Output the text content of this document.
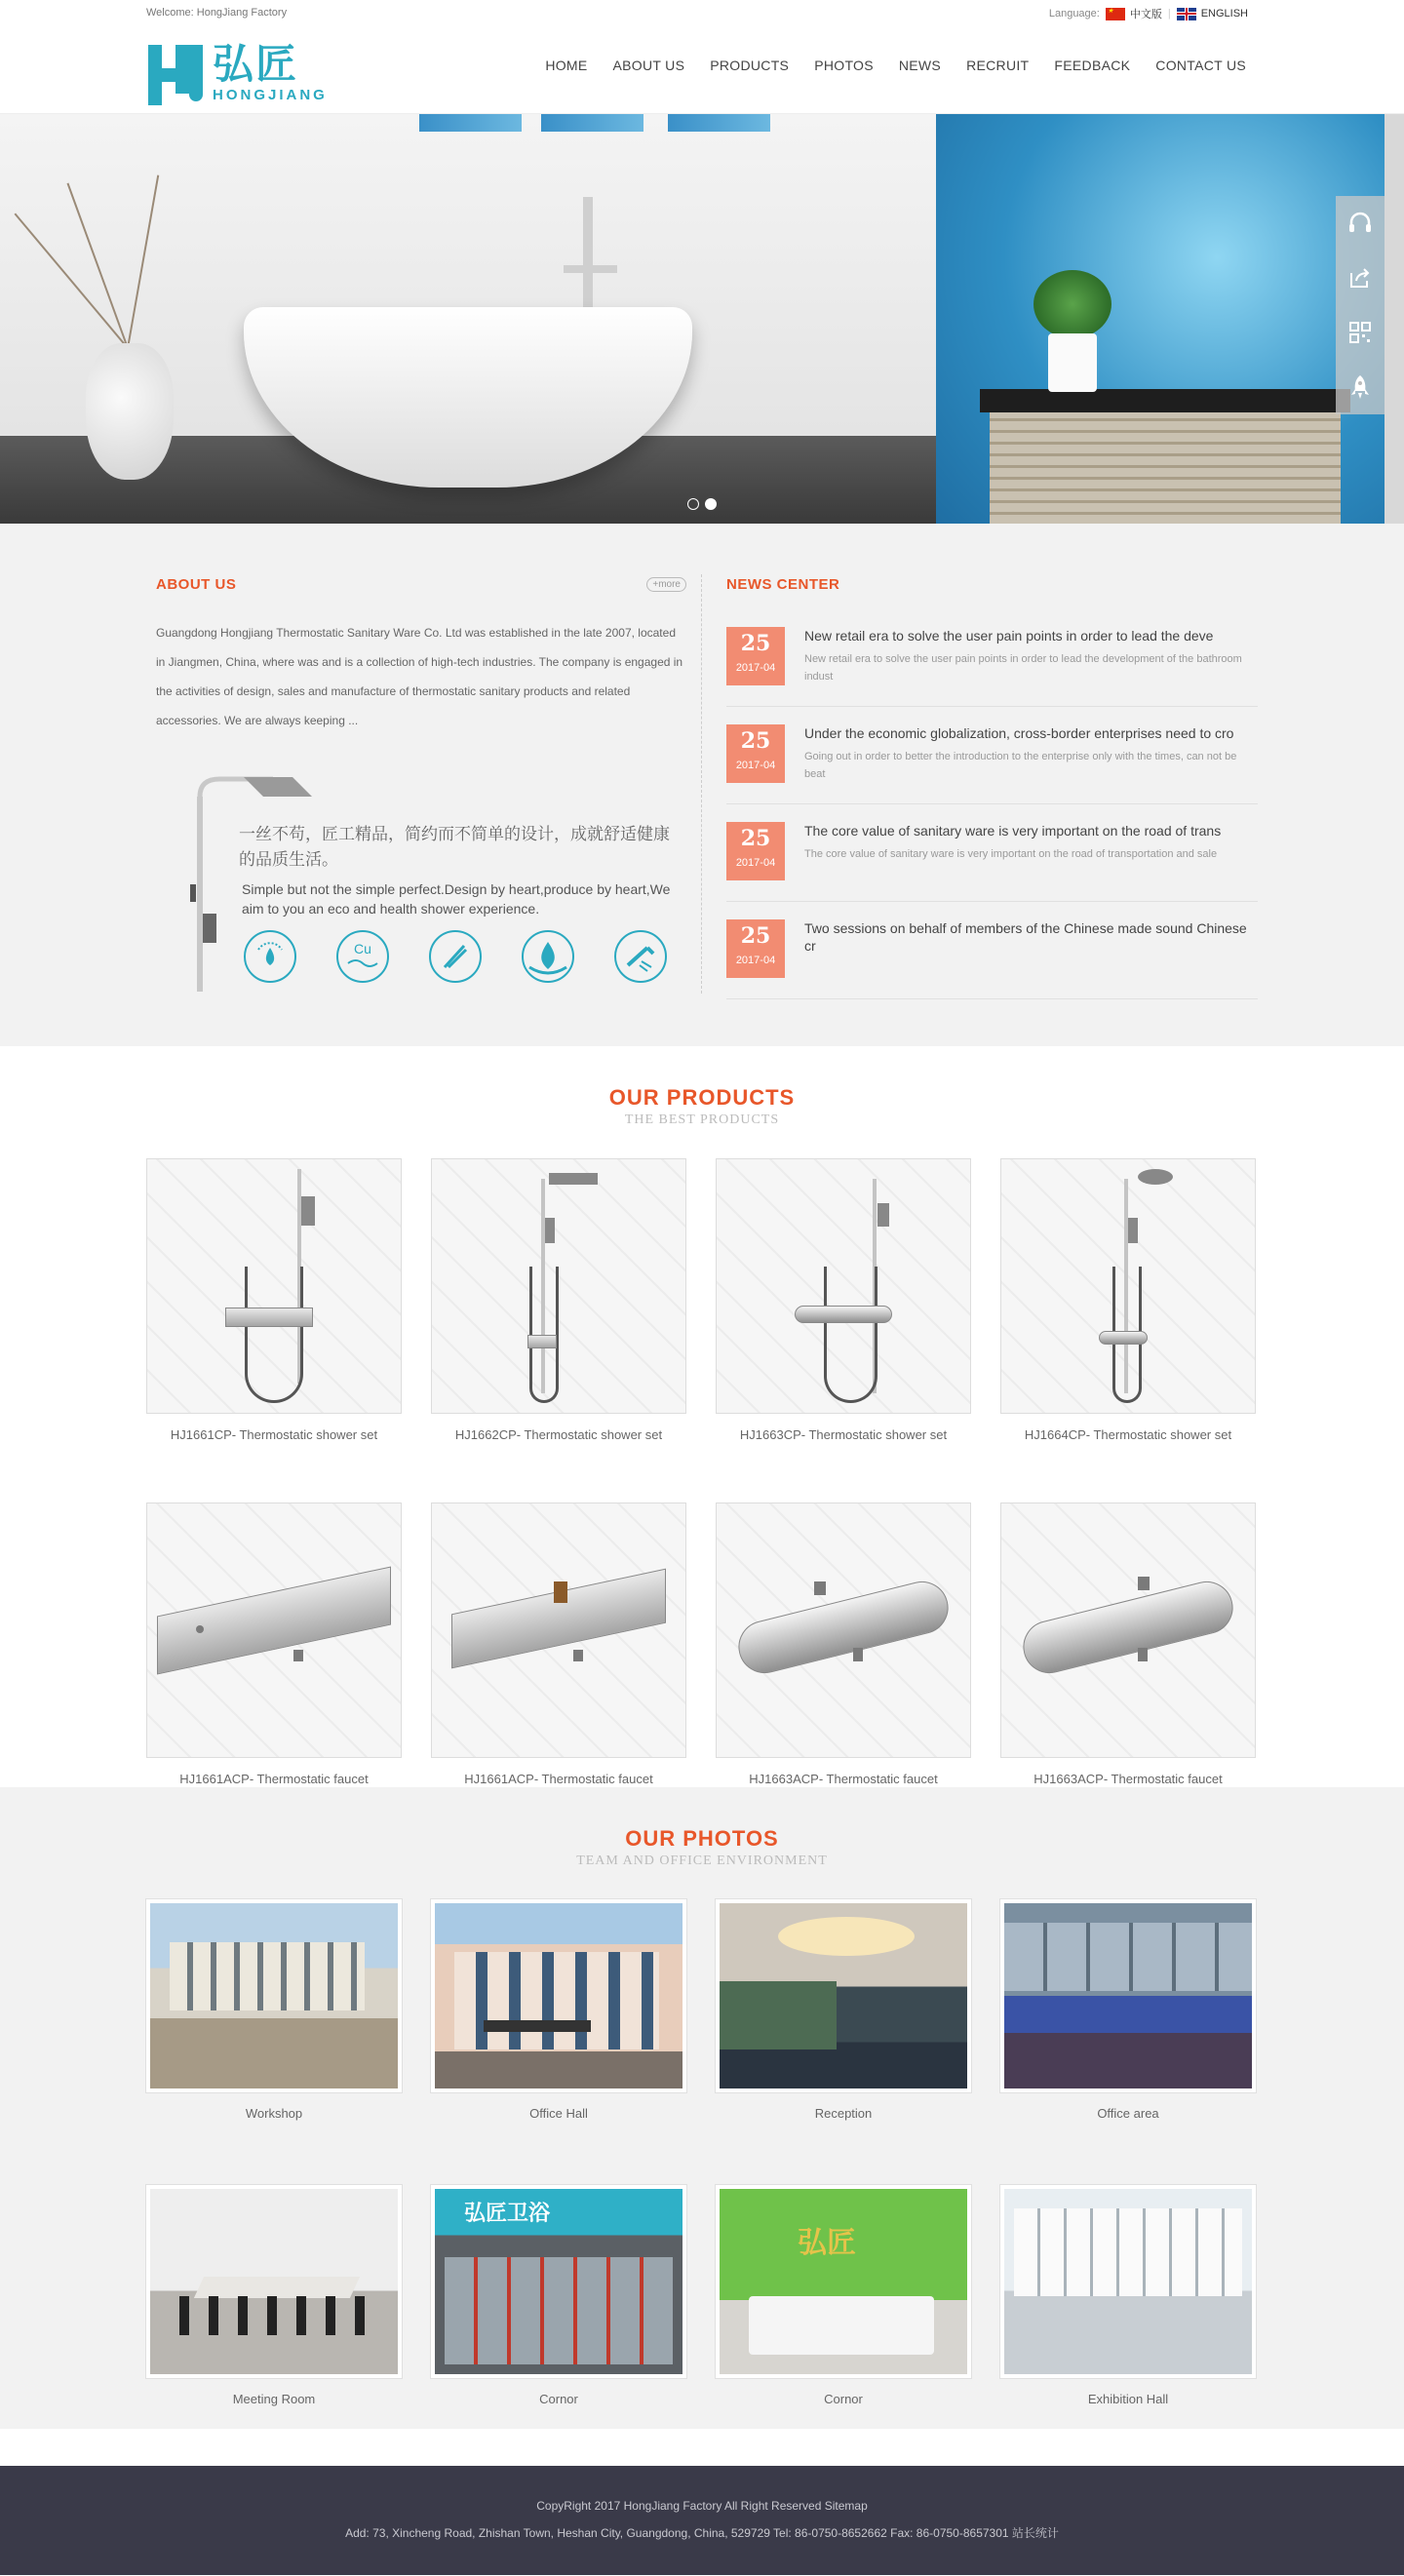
Welcome: HongJiang Factory	Language:
★	中文版 |	ENGLISH
弘匠
HONGJIANG
HOME ABOUT US PRODUCTS PHOTOS NEWS RECRUIT FEEDBACK CONTACT US
ABOUT US	+more

Guangdong Hongjiang Thermostatic Sanitary Ware Co. Ltd was established in the late 2007, located in Jiangmen, China, where was and is a collection of high-tech industries. The company is engaged in the activities of design, sales and manufacture of thermostatic sanitary products and related accessories. We are always keeping ...

一丝不苟，匠工精品，简约而不简单的设计，成就舒适健康的品质生活。
Simple but not the simple perfect.Design by heart,produce by heart,We aim to you an eco and health shower experience.
Cu
NEWS CENTER
25
2017-04
New retail era to solve the user pain points in order to lead the deve
New retail era to solve the user pain points in order to lead the development of the bathroom indust
25
2017-04
Under the economic globalization, cross-border enterprises need to cro
Going out in order to better the introduction to the enterprise only with the times, can not be beat
25
2017-04
The core value of sanitary ware is very important on the road of trans
The core value of sanitary ware is very important on the road of transportation and sale
25
2017-04
Two sessions on behalf of members of the Chinese made sound Chinese cr
OUR PRODUCTS
THE BEST PRODUCTS
HJ1661CP- Thermostatic shower set	HJ1662CP- Thermostatic shower set	HJ1663CP- Thermostatic shower set	HJ1664CP- Thermostatic shower set
HJ1661ACP- Thermostatic faucet	HJ1661ACP- Thermostatic faucet	HJ1663ACP- Thermostatic faucet	HJ1663ACP- Thermostatic faucet
OUR PHOTOS
TEAM AND OFFICE ENVIRONMENT
Workshop	Office Hall	Reception	Office area
Meeting Room
弘匠卫浴
Cornor
弘匠
Cornor	Exhibition Hall

CopyRight 2017 HongJiang Factory All Right Reserved Sitemap

Add: 73, Xincheng Road, Zhishan Town, Heshan City, Guangdong, China, 529729 Tel: 86-0750-8652662 Fax: 86-0750-8657301 站长统计
